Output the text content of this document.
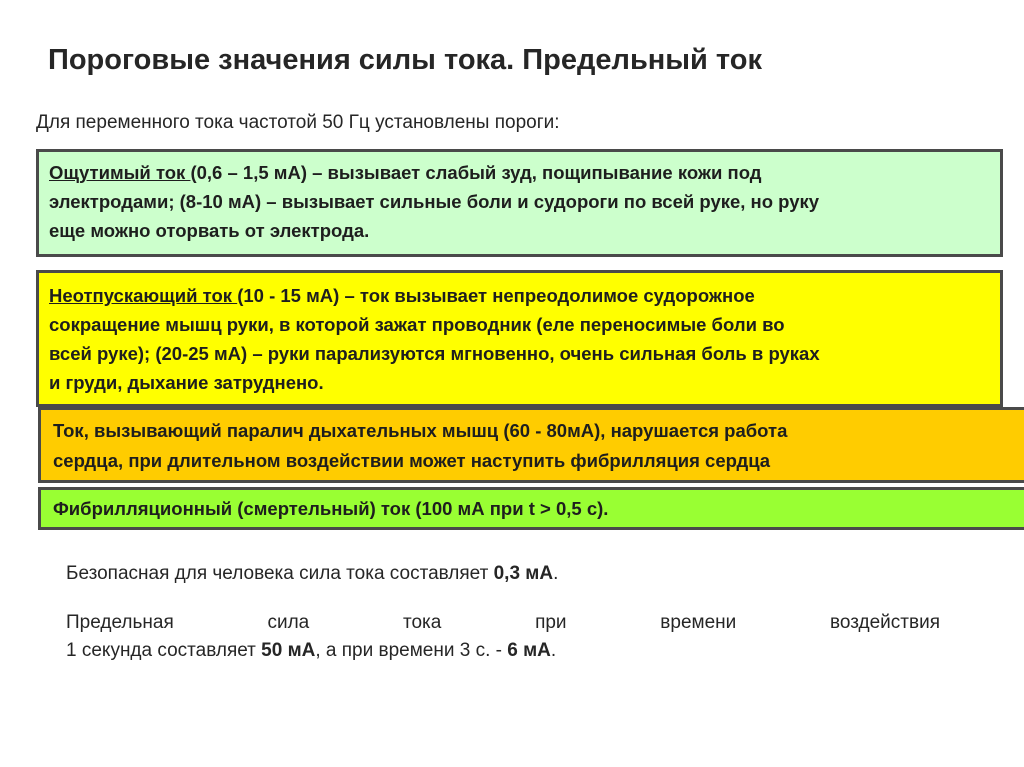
Пороговые значения силы тока. Предельный ток
Для переменного тока частотой 50 Гц установлены пороги:
Ощутимый ток (0,6 – 1,5 мА) – вызывает слабый зуд, пощипывание кожи под
электродами; (8-10 мА) – вызывает сильные боли и судороги по всей руке, но руку
еще можно оторвать от электрода.
Неотпускающий ток (10 - 15 мА) – ток вызывает непреодолимое судорожное
сокращение мышц руки, в которой зажат проводник (еле переносимые боли во
всей руке); (20-25 мА) – руки парализуются мгновенно, очень сильная боль в руках
и груди, дыхание затруднено.
Ток, вызывающий паралич дыхательных мышц (60 - 80мА), нарушается работа
сердца, при длительном воздействии может наступить фибрилляция сердца
Фибрилляционный (смертельный) ток (100 мА при t > 0,5 с).
Безопасная для человека сила тока составляет 0,3 мА.
Предельная	сила	тока	при	времени	воздействия
1 секунда составляет 50 мА, а при времени 3 с. - 6 мА.
